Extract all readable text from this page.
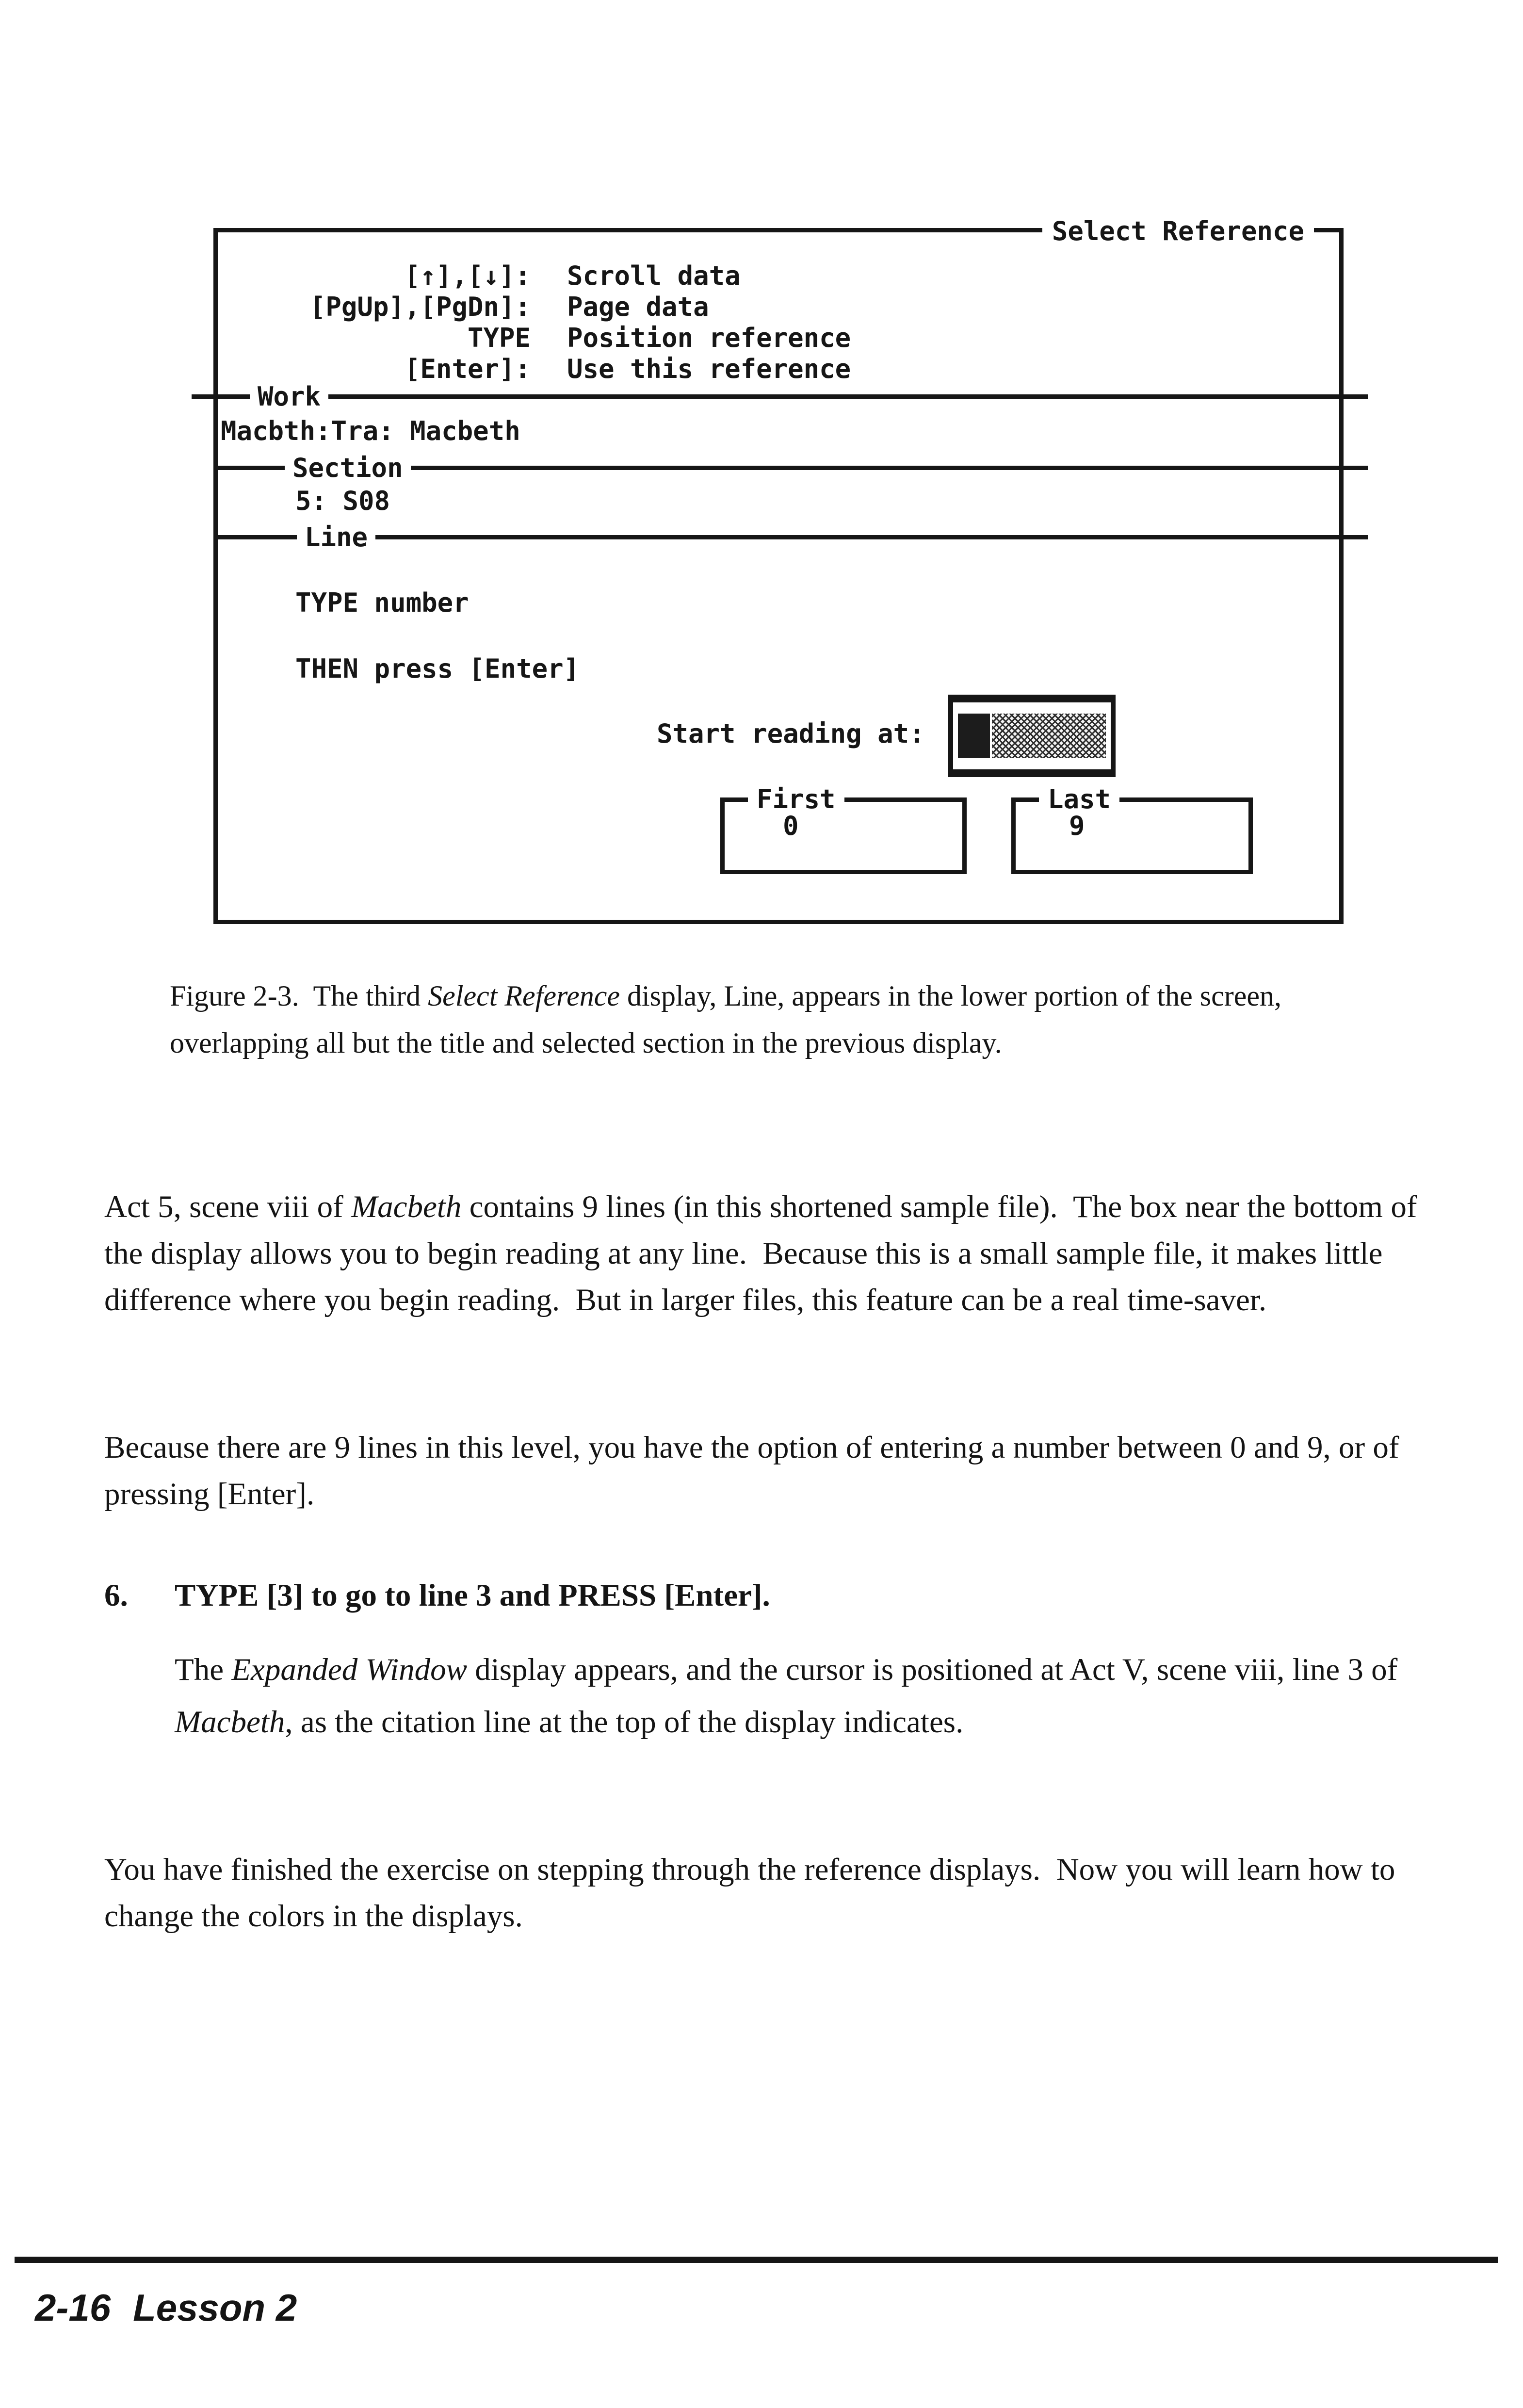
Select Reference
[↑],[↓]: Scroll data
[PgUp],[PgDn]: Page data
TYPE Position reference
[Enter]: Use this reference
Work
Macbth:Tra: Macbeth
Section
5: S08
Line
TYPE number
THEN press [Enter]
Start reading at:
First
0
Last
9
Figure 2-3.  The third Select Reference display, Line, appears in the lower portion of the screen, overlapping all but the title and selected section in the previous display.
Act 5, scene viii of Macbeth contains 9 lines (in this shortened sample file).  The box near the bottom of the display allows you to begin reading at any line.  Because this is a small sample file, it makes little difference where you begin reading.  But in larger files, this feature can be a real time-saver.
Because there are 9 lines in this level, you have the option of entering a number between 0 and 9, or of pressing [Enter].
6. TYPE [3] to go to line 3 and PRESS [Enter].
The Expanded Window display appears, and the cursor is positioned at Act V, scene viii, line 3 of Macbeth, as the citation line at the top of the display indicates.
You have finished the exercise on stepping through the reference displays.  Now you will learn how to change the colors in the displays.
2-16 Lesson 2
